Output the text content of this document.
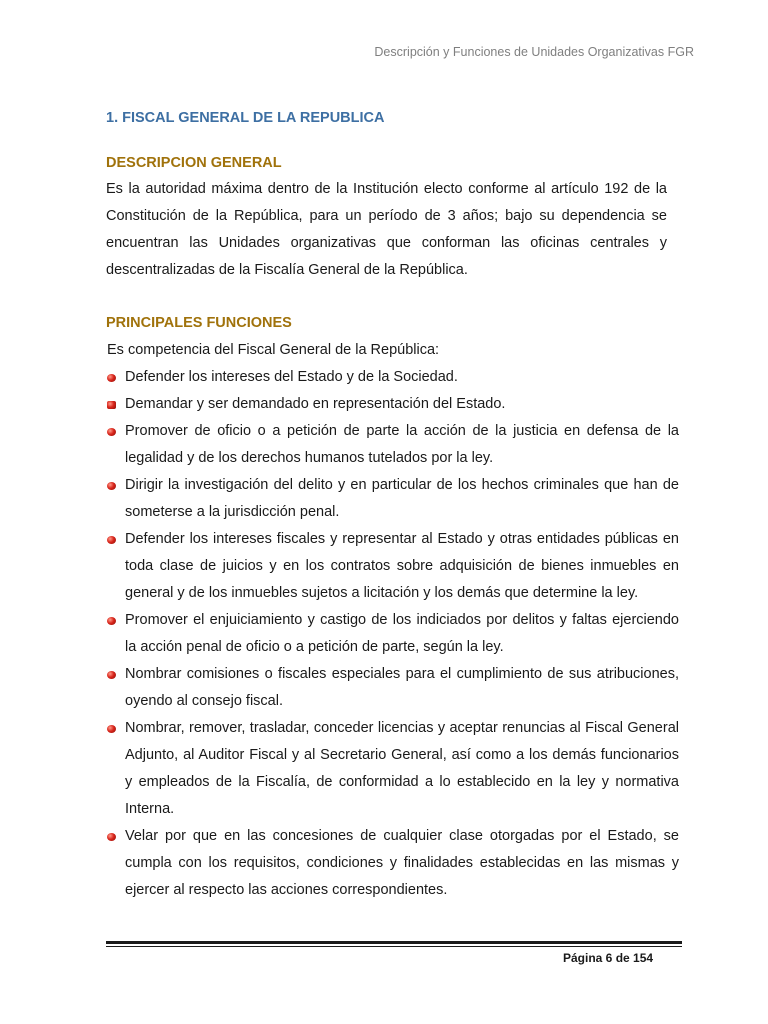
Descripción y Funciones de Unidades Organizativas FGR
1. FISCAL GENERAL DE LA REPUBLICA
DESCRIPCION GENERAL
Es la autoridad máxima dentro de la Institución electo conforme al artículo 192 de la Constitución de la República, para un período de 3 años; bajo su dependencia se encuentran las Unidades organizativas que conforman las oficinas centrales y descentralizadas de la Fiscalía General de la República.
PRINCIPALES FUNCIONES
Es competencia del Fiscal General de la República:
Defender los intereses del Estado y de la Sociedad.
Demandar y ser demandado en representación del Estado.
Promover de oficio o a petición de parte la acción de la justicia en defensa de la legalidad y de los derechos humanos tutelados por la ley.
Dirigir la investigación del delito y en particular de los hechos criminales que han de someterse a la jurisdicción penal.
Defender los intereses fiscales y representar al Estado y otras entidades públicas en toda clase de juicios y en los contratos sobre adquisición de bienes inmuebles en general y de los inmuebles sujetos a licitación y los demás que determine la ley.
Promover el enjuiciamiento y castigo de los indiciados por delitos y faltas ejerciendo la acción penal de oficio o a petición de parte, según la ley.
Nombrar comisiones o fiscales especiales para el cumplimiento de sus atribuciones, oyendo al consejo fiscal.
Nombrar, remover, trasladar, conceder licencias y aceptar renuncias al Fiscal General Adjunto, al Auditor Fiscal y al Secretario General, así como a los demás funcionarios y empleados de la Fiscalía, de conformidad a lo establecido en la ley y normativa Interna.
Velar por que en las concesiones de cualquier clase otorgadas por el Estado, se cumpla con los requisitos, condiciones y finalidades establecidas en las mismas y ejercer al respecto las acciones correspondientes.
Página 6 de 154
